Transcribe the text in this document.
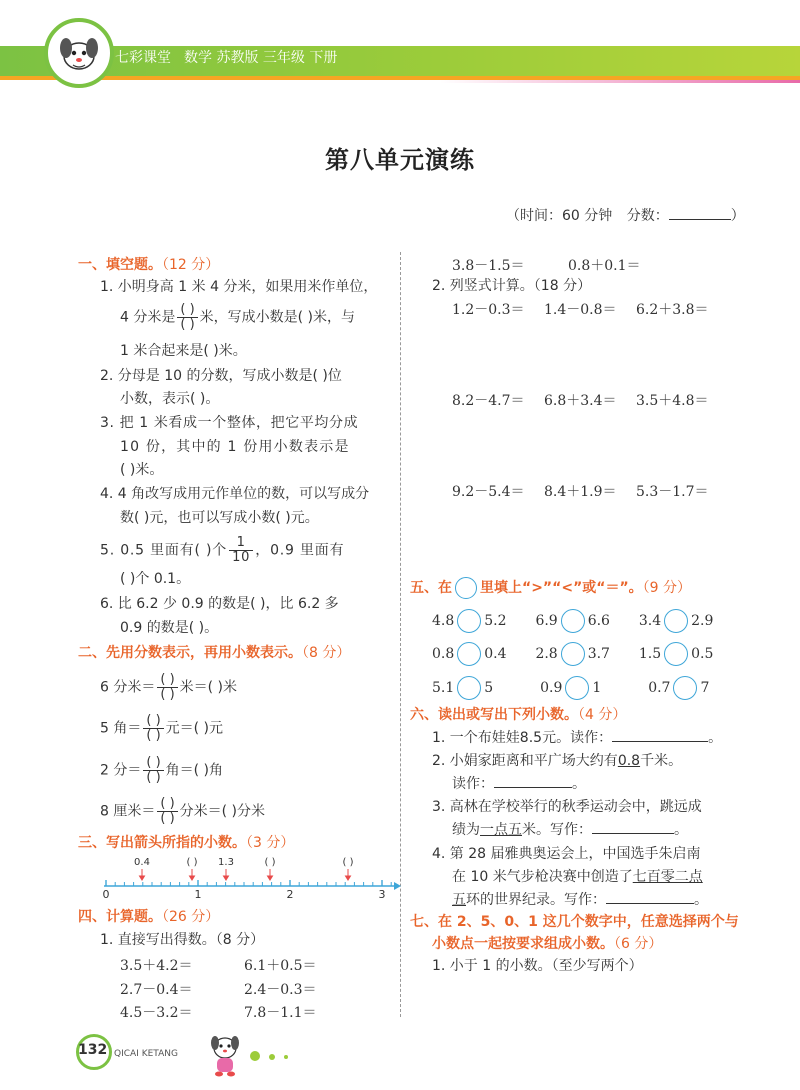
七彩课堂 数学 苏教版 三年级 下册
第八单元演练
（时间：60 分钟 分数：	）
一、填空题。（12 分）
1. 小明身高 1 米 4 分米，如果用米作单位，
4 分米是 $\frac{( )}{( )}$ 米，写成小数是( )米，与
1 米合起来是( )米。
2. 分母是 10 的分数，写成小数是( )位
小数，表示( )。
3. 把 1 米看成一个整体，把它平均分成
10 份，其中的 1 份用小数表示是
( )米。
4. 4 角改写成用元作单位的数，可以写成分
数( )元，也可以写成小数( )元。
5. 0.5 里面有( )个 $\frac{1}{10}$ ，0.9 里面有
( )个 0.1。
6. 比 6.2 少 0.9 的数是( )，比 6.2 多
0.9 的数是( )。
二、先用分数表示，再用小数表示。（8 分）
6 分米＝ $\frac{( )}{( )}$ 米＝( )米
5 角＝ $\frac{( )}{( )}$ 元＝( )元
2 分＝ $\frac{( )}{( )}$ 角＝( )角
8 厘米＝ $\frac{( )}{( )}$ 分米＝( )分米
三、写出箭头所指的小数。（3 分）
0.4	( ) 1.3	( )	( )
0	1	2	3
四、计算题。（26 分）
1. 直接写出得数。（8 分）
3.5＋4.2＝	6.1＋0.5＝
2.7－0.4＝	2.4－0.3＝
4.5－3.2＝	7.8－1.1＝
3.8－1.5＝	0.8＋0.1＝
2. 列竖式计算。（18 分）
1.2－0.3＝ 1.4－0.8＝ 6.2＋3.8＝
8.2－4.7＝ 6.8＋3.4＝ 3.5＋4.8＝
9.2－5.4＝ 8.4＋1.9＝ 5.3－1.7＝
五、在 里填上“>”“<”或“＝”。（9 分）
4.8 5.2 6.9 6.6 3.4 2.9
0.8 0.4 2.8 3.7 1.5 0.5
5.1 5	0.9 1	0.7 7
六、读出或写出下列小数。（4 分）
1. 一个布娃娃8.5元。读作：	。
2. 小娟家距离和平广场大约有0.8千米。
读作：	。
3. 高林在学校举行的秋季运动会中，跳远成
绩为一点五米。写作：	。
4. 第 28 届雅典奥运会上，中国选手朱启南
在 10 米气步枪决赛中创造了七百零二点
五环的世界纪录。写作：	。
七、在 2、5、0、1 这几个数字中，任意选择两个与
小数点一起按要求组成小数。（6 分）
1. 小于 1 的小数。（至少写两个）
132 QICAI KETANG
